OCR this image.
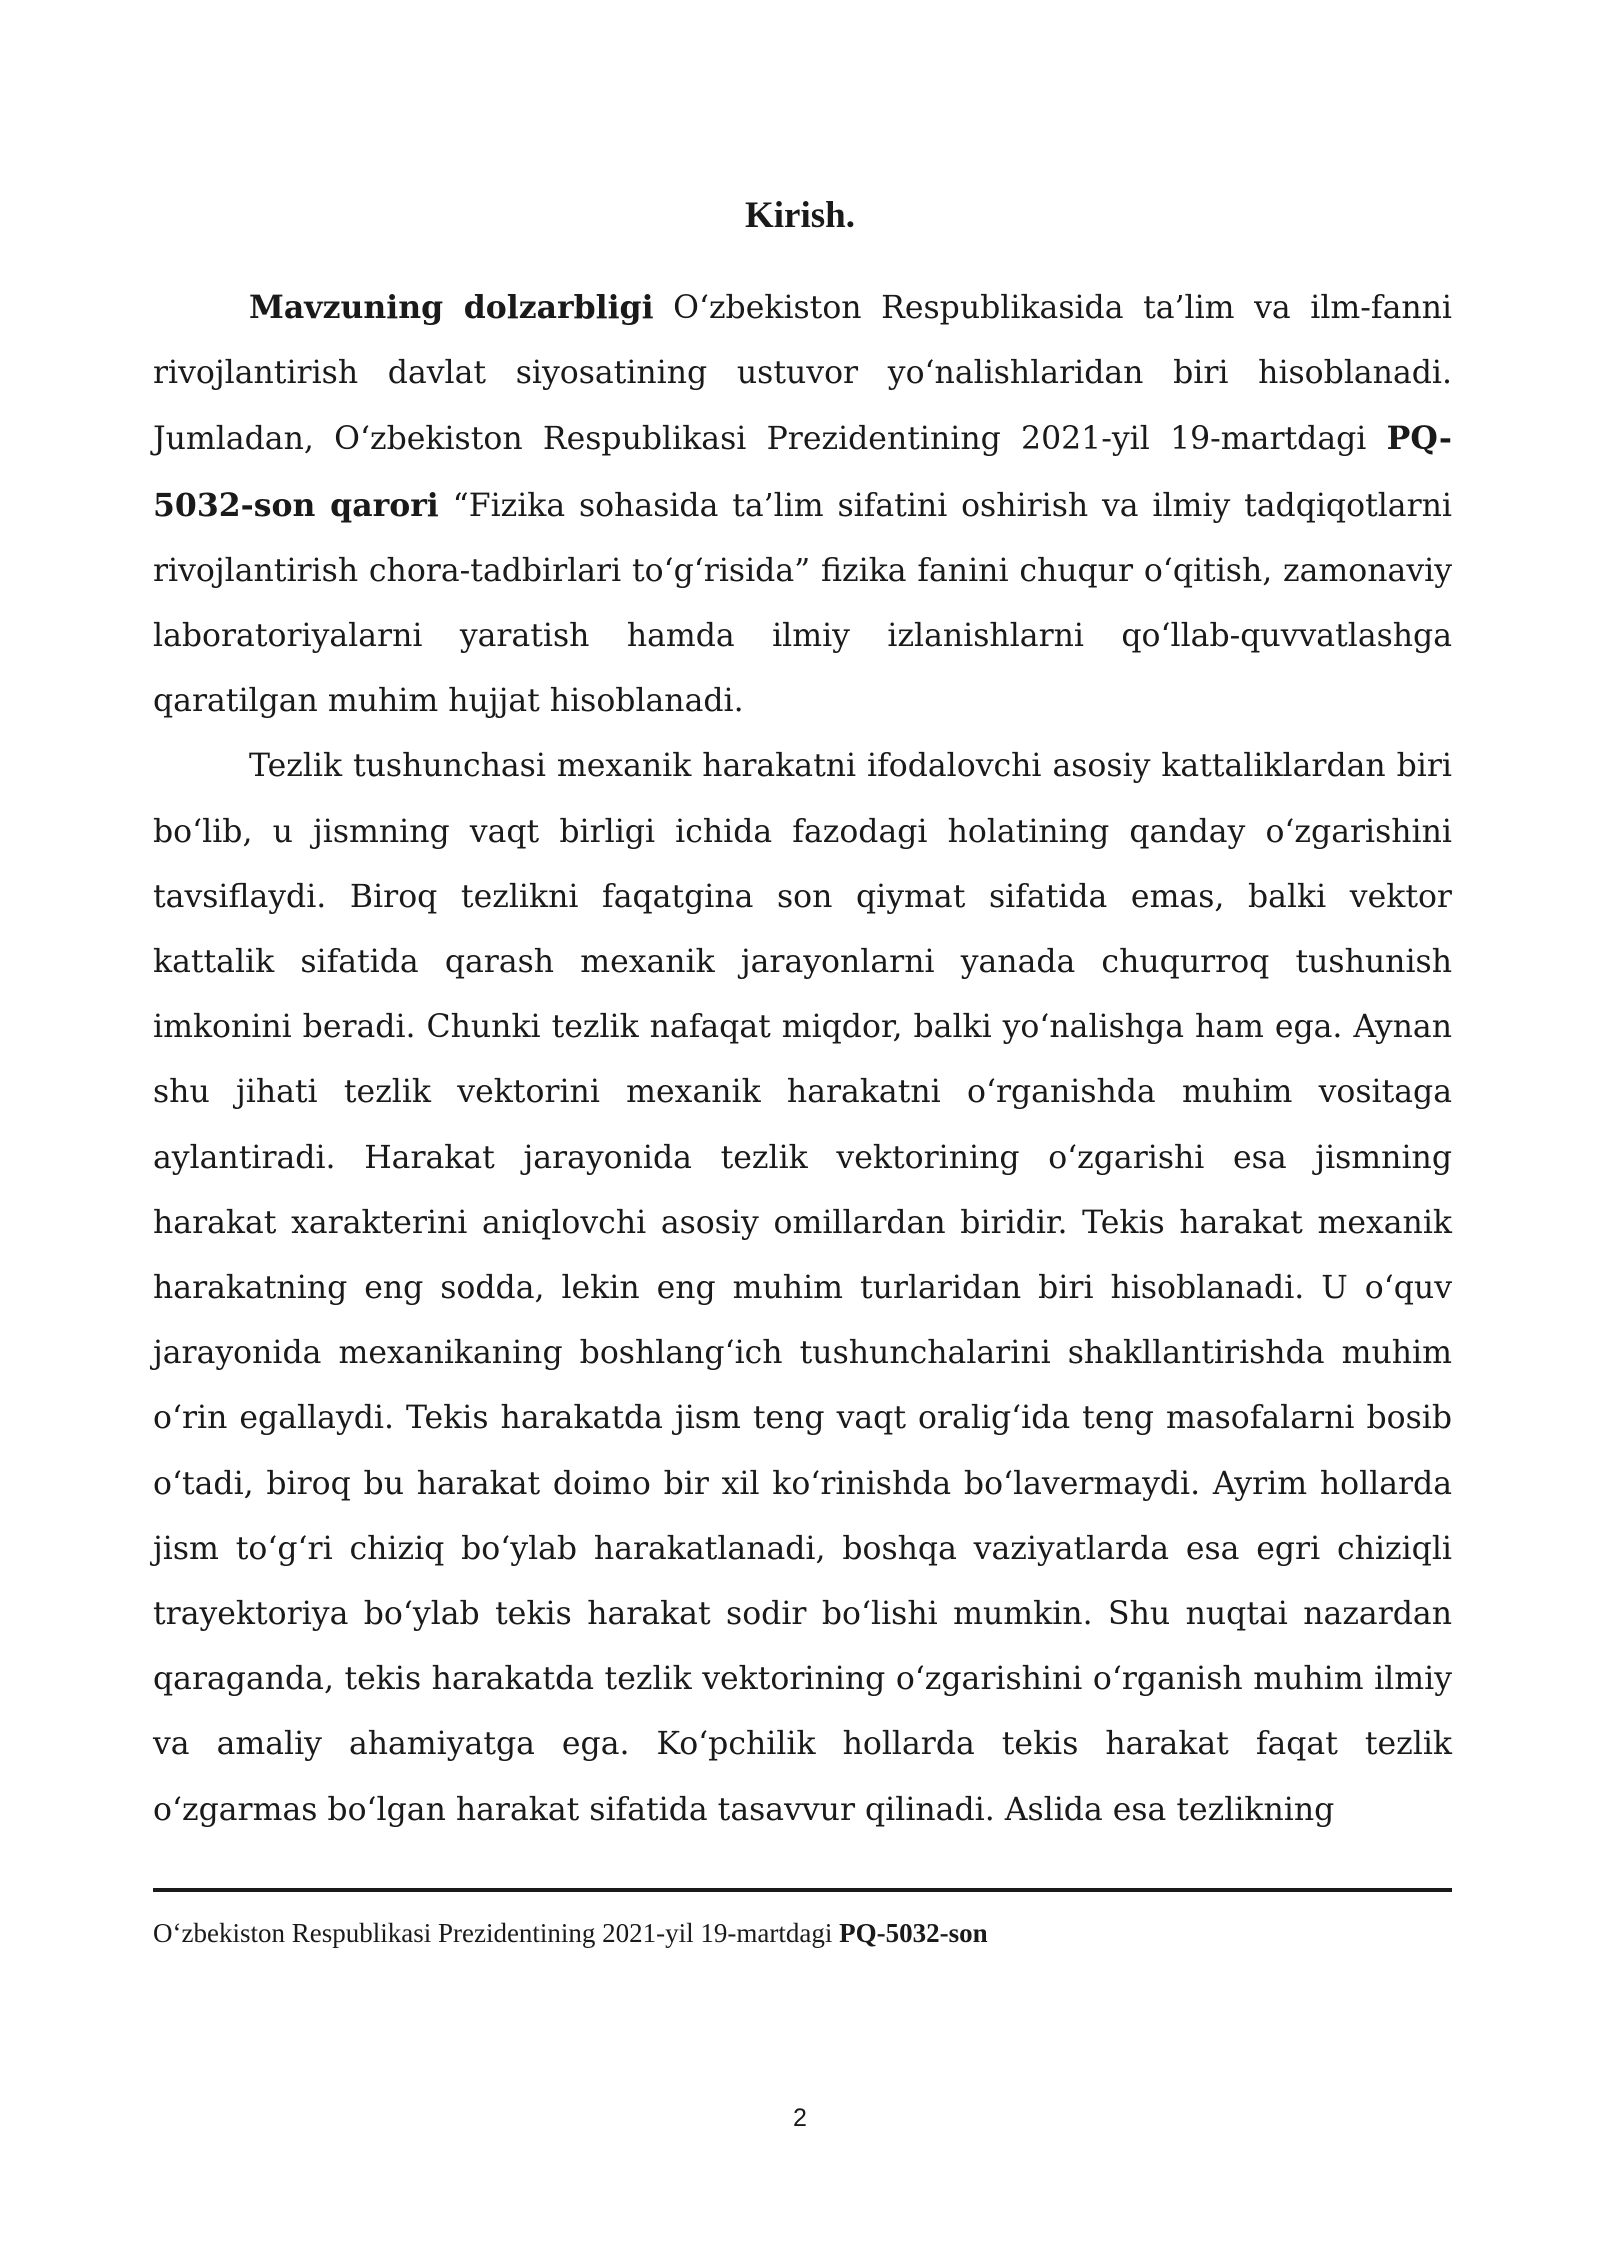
Kirish.

Mavzuning dolzarbligi O‘zbekiston Respublikasida ta’lim va ilm-fanni rivojlantirish davlat siyosatining ustuvor yo‘nalishlaridan biri hisoblanadi. Jumladan, O‘zbekiston Respublikasi Prezidentining 2021-yil 19-martdagi PQ-5032-son qarori “Fizika sohasida ta’lim sifatini oshirish va ilmiy tadqiqotlarni rivojlantirish chora-tadbirlari to‘g‘risida” fizika fanini chuqur o‘qitish, zamonaviy laboratoriyalarni yaratish hamda ilmiy izlanishlarni qo‘llab-quvvatlashga qaratilgan muhim hujjat hisoblanadi.

Tezlik tushunchasi mexanik harakatni ifodalovchi asosiy kattaliklardan biri bo‘lib, u jismning vaqt birligi ichida fazodagi holatining qanday o‘zgarishini tavsiflaydi. Biroq tezlikni faqatgina son qiymat sifatida emas, balki vektor kattalik sifatida qarash mexanik jarayonlarni yanada chuqurroq tushunish imkonini beradi. Chunki tezlik nafaqat miqdor, balki yo‘nalishga ham ega. Aynan shu jihati tezlik vektorini mexanik harakatni o‘rganishda muhim vositaga aylantiradi. Harakat jarayonida tezlik vektorining o‘zgarishi esa jismning harakat xarakterini aniqlovchi asosiy omillardan biridir. Tekis harakat mexanik harakatning eng sodda, lekin eng muhim turlaridan biri hisoblanadi. U o‘quv jarayonida mexanikaning boshlang‘ich tushunchalarini shakllantirishda muhim o‘rin egallaydi. Tekis harakatda jism teng vaqt oralig‘ida teng masofalarni bosib o‘tadi, biroq bu harakat doimo bir xil ko‘rinishda bo‘lavermaydi. Ayrim hollarda jism to‘g‘ri chiziq bo‘ylab harakatlanadi, boshqa vaziyatlarda esa egri chiziqli trayektoriya bo‘ylab tekis harakat sodir bo‘lishi mumkin. Shu nuqtai nazardan qaraganda, tekis harakatda tezlik vektorining o‘zgarishini o‘rganish muhim ilmiy va amaliy ahamiyatga ega. Ko‘pchilik hollarda tekis harakat faqat tezlik o‘zgarmas bo‘lgan harakat sifatida tasavvur qilinadi. Aslida esa tezlikning

O‘zbekiston Respublikasi Prezidentining 2021-yil 19-martdagi PQ-5032-son

2
